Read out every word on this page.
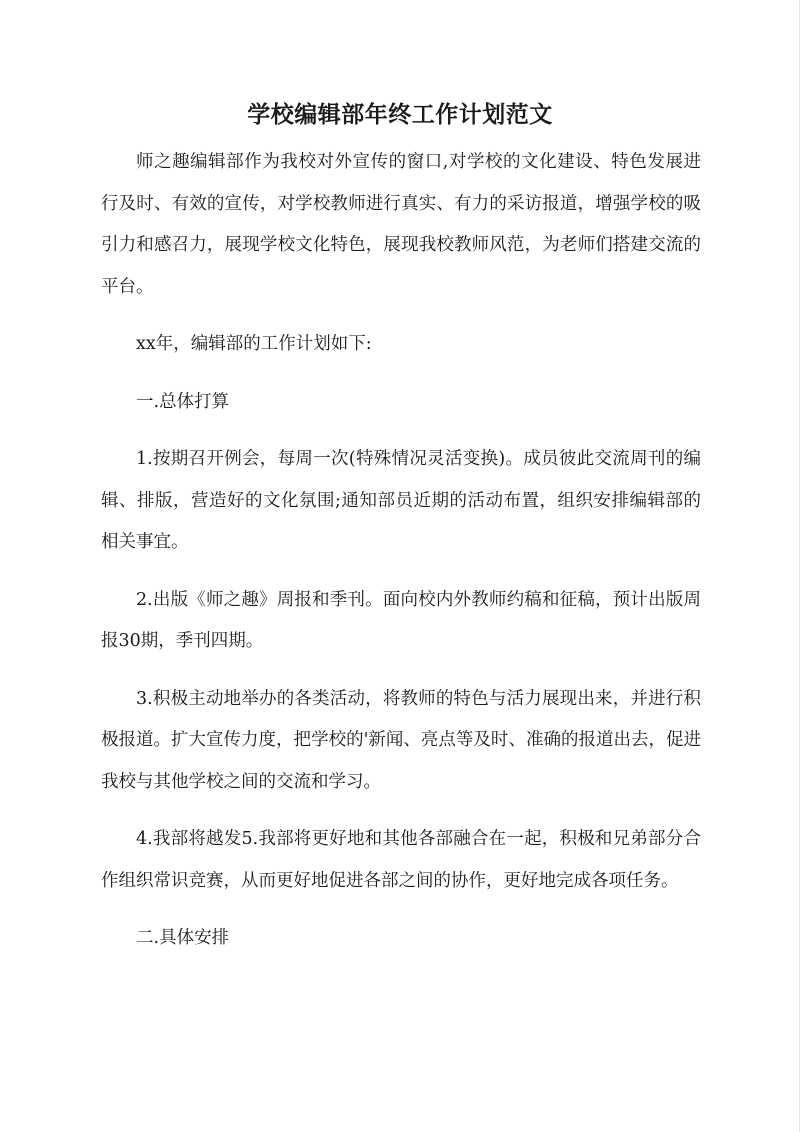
学校编辑部年终工作计划范文

师之趣编辑部作为我校对外宣传的窗口,对学校的文化建设、特色发展进行及时、有效的宣传，对学校教师进行真实、有力的采访报道，增强学校的吸引力和感召力，展现学校文化特色，展现我校教师风范，为老师们搭建交流的平台。

xx年，编辑部的工作计划如下:

一.总体打算

1.按期召开例会，每周一次(特殊情况灵活变换)。成员彼此交流周刊的编辑、排版，营造好的文化氛围;通知部员近期的活动布置，组织安排编辑部的相关事宜。

2.出版《师之趣》周报和季刊。面向校内外教师约稿和征稿，预计出版周报30期，季刊四期。

3.积极主动地举办的各类活动，将教师的特色与活力展现出来，并进行积极报道。扩大宣传力度，把学校的'新闻、亮点等及时、准确的报道出去，促进我校与其他学校之间的交流和学习。

4.我部将越发5.我部将更好地和其他各部融合在一起，积极和兄弟部分合作组织常识竞赛，从而更好地促进各部之间的协作，更好地完成各项任务。

二.具体安排
